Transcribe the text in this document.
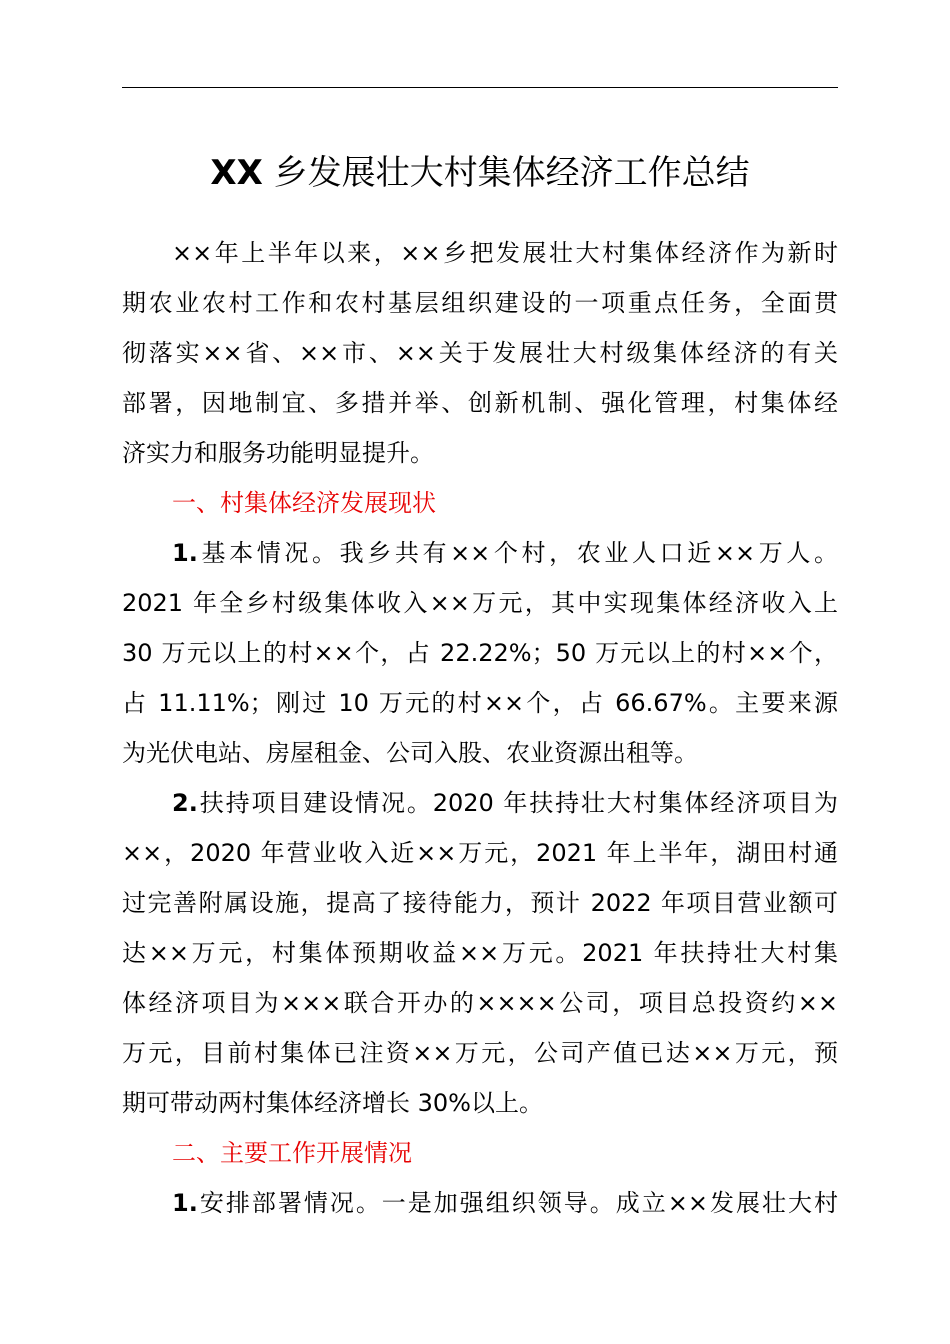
XX 乡发展壮大村集体经济工作总结
××年上半年以来，××乡把发展壮大村集体经济作为新时
期农业农村工作和农村基层组织建设的一项重点任务，全面贯
彻落实××省、××市、××关于发展壮大村级集体经济的有关
部署，因地制宜、多措并举、创新机制、强化管理，村集体经
济实力和服务功能明显提升。
一、村集体经济发展现状
1.基本情况。我乡共有××个村，农业人口近××万人。
2021 年全乡村级集体收入××万元，其中实现集体经济收入上
30 万元以上的村××个，占 22.22%；50 万元以上的村××个，
占 11.11%；刚过 10 万元的村××个，占 66.67%。主要来源
为光伏电站、房屋租金、公司入股、农业资源出租等。
2.扶持项目建设情况。2020 年扶持壮大村集体经济项目为
××，2020 年营业收入近××万元，2021 年上半年，湖田村通
过完善附属设施，提高了接待能力，预计 2022 年项目营业额可
达××万元，村集体预期收益××万元。2021 年扶持壮大村集
体经济项目为×××联合开办的××××公司，项目总投资约××
万元，目前村集体已注资××万元，公司产值已达××万元，预
期可带动两村集体经济增长 30%以上。
二、主要工作开展情况
1.安排部署情况。一是加强组织领导。成立××发展壮大村
